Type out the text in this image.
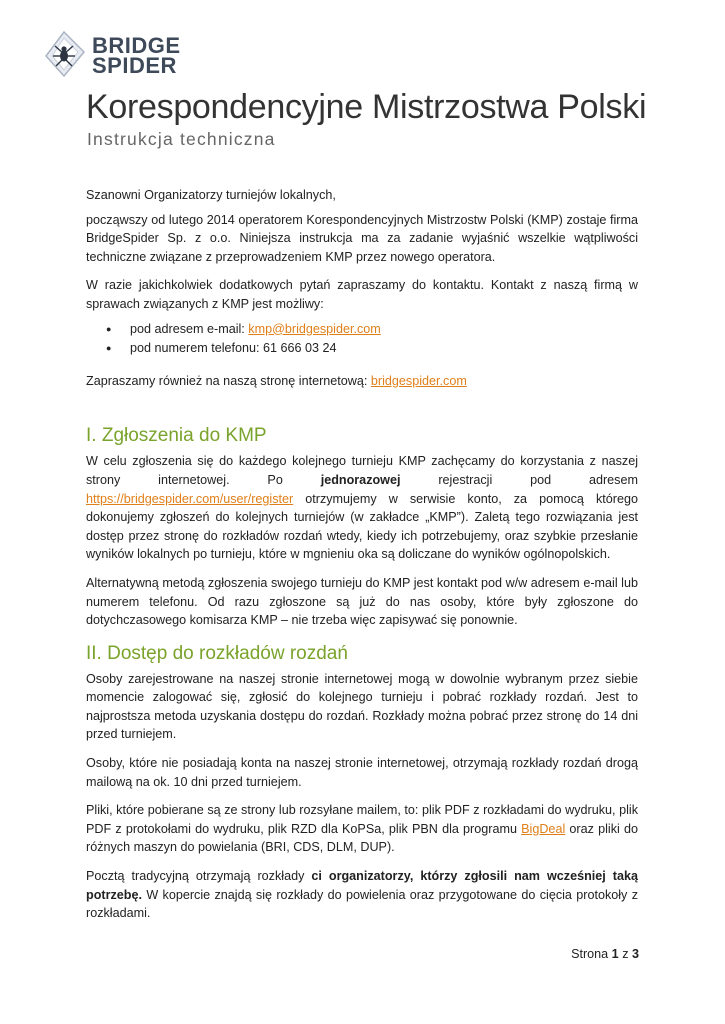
BRIDGE
SPIDER
Korespondencyjne Mistrzostwa Polski
Instrukcja techniczna

Szanowni Organizatorzy turniejów lokalnych,

począwszy od lutego 2014 operatorem Korespondencyjnych Mistrzostw Polski (KMP) zostaje firma BridgeSpider Sp. z o.o. Niniejsza instrukcja ma za zadanie wyjaśnić wszelkie wątpliwości techniczne związane z przeprowadzeniem KMP przez nowego operatora.

W razie jakichkolwiek dodatkowych pytań zapraszamy do kontaktu. Kontakt z naszą firmą w sprawach związanych z KMP jest możliwy:

● pod adresem e-mail: kmp@bridgespider.com
● pod numerem telefonu: 61 666 03 24

Zapraszamy również na naszą stronę internetową: bridgespider.com

I. Zgłoszenia do KMP

W celu zgłoszenia się do każdego kolejnego turnieju KMP zachęcamy do korzystania z naszej strony internetowej. Po jednorazowej rejestracji pod adresem https://bridgespider.com/user/register otrzymujemy w serwisie konto, za pomocą którego dokonujemy zgłoszeń do kolejnych turniejów (w zakładce „KMP”). Zaletą tego rozwiązania jest dostęp przez stronę do rozkładów rozdań wtedy, kiedy ich potrzebujemy, oraz szybkie przesłanie wyników lokalnych po turnieju, które w mgnieniu oka są doliczane do wyników ogólnopolskich.

Alternatywną metodą zgłoszenia swojego turnieju do KMP jest kontakt pod w/w adresem e-mail lub numerem telefonu. Od razu zgłoszone są już do nas osoby, które były zgłoszone do dotychczasowego komisarza KMP – nie trzeba więc zapisywać się ponownie.

II. Dostęp do rozkładów rozdań

Osoby zarejestrowane na naszej stronie internetowej mogą w dowolnie wybranym przez siebie momencie zalogować się, zgłosić do kolejnego turnieju i pobrać rozkłady rozdań. Jest to najprostsza metoda uzyskania dostępu do rozdań. Rozkłady można pobrać przez stronę do 14 dni przed turniejem.

Osoby, które nie posiadają konta na naszej stronie internetowej, otrzymają rozkłady rozdań drogą mailową na ok. 10 dni przed turniejem.

Pliki, które pobierane są ze strony lub rozsyłane mailem, to: plik PDF z rozkładami do wydruku, plik PDF z protokołami do wydruku, plik RZD dla KoPSa, plik PBN dla programu BigDeal oraz pliki do różnych maszyn do powielania (BRI, CDS, DLM, DUP).

Pocztą tradycyjną otrzymają rozkłady ci organizatorzy, którzy zgłosili nam wcześniej taką potrzebę. W kopercie znajdą się rozkłady do powielenia oraz przygotowane do cięcia protokoły z rozkładami.

Strona 1 z 3
